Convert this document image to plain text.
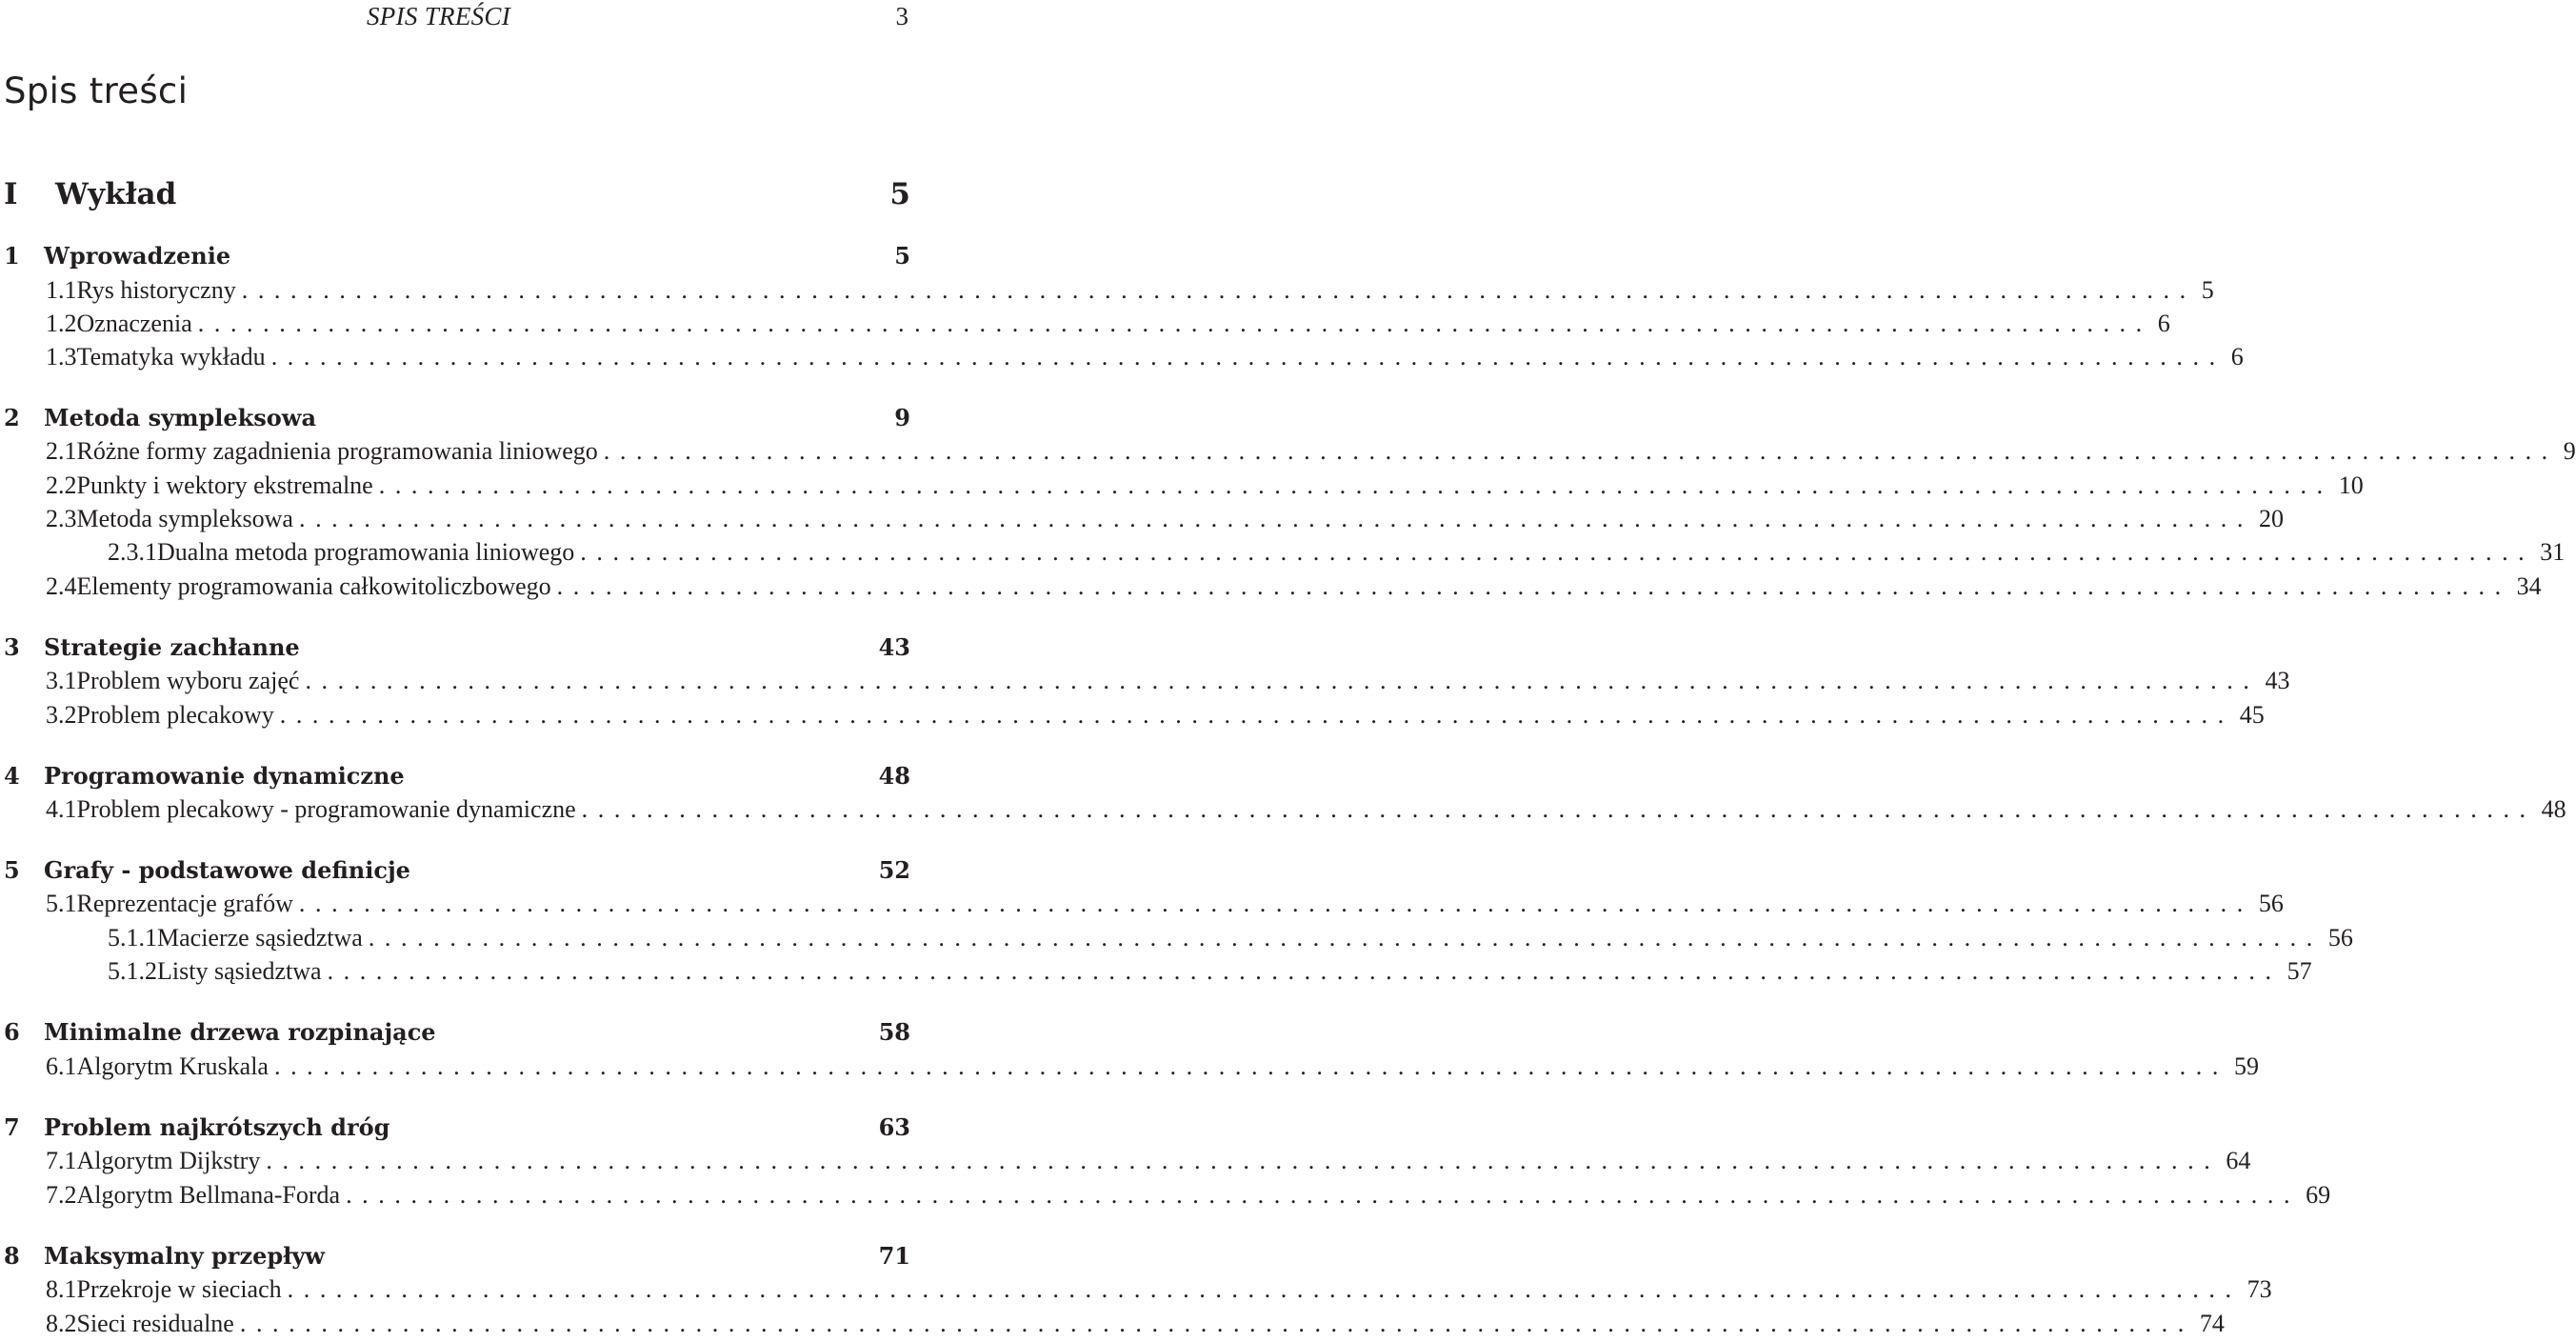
SPIS TREŚCI	3
Spis treści
I	Wykład	5
1	Wprowadzenie	5
1.1 Rys historyczny ........................................................................................................................ 5
1.2 Oznaczenia ........................................................................................................................ 6
1.3 Tematyka wykładu ........................................................................................................................ 6
2	Metoda sympleksowa	9
2.1 Różne formy zagadnienia programowania liniowego ........................................................................................................................ 9
2.2 Punkty i wektory ekstremalne ........................................................................................................................ 10
2.3 Metoda sympleksowa ........................................................................................................................ 20
2.3.1 Dualna metoda programowania liniowego ........................................................................................................................ 31
2.4 Elementy programowania całkowitoliczbowego ........................................................................................................................ 34
3	Strategie zachłanne	43
3.1 Problem wyboru zajęć ........................................................................................................................ 43
3.2 Problem plecakowy ........................................................................................................................ 45
4	Programowanie dynamiczne	48
4.1 Problem plecakowy - programowanie dynamiczne ........................................................................................................................ 48
5	Grafy - podstawowe definicje	52
5.1 Reprezentacje grafów ........................................................................................................................ 56
5.1.1 Macierze sąsiedztwa ........................................................................................................................ 56
5.1.2 Listy sąsiedztwa ........................................................................................................................ 57
6	Minimalne drzewa rozpinające	58
6.1 Algorytm Kruskala ........................................................................................................................ 59
7	Problem najkrótszych dróg	63
7.1 Algorytm Dijkstry ........................................................................................................................ 64
7.2 Algorytm Bellmana-Forda ........................................................................................................................ 69
8	Maksymalny przepływ	71
8.1 Przekroje w sieciach ........................................................................................................................ 73
8.2 Sieci residualne ........................................................................................................................ 74
